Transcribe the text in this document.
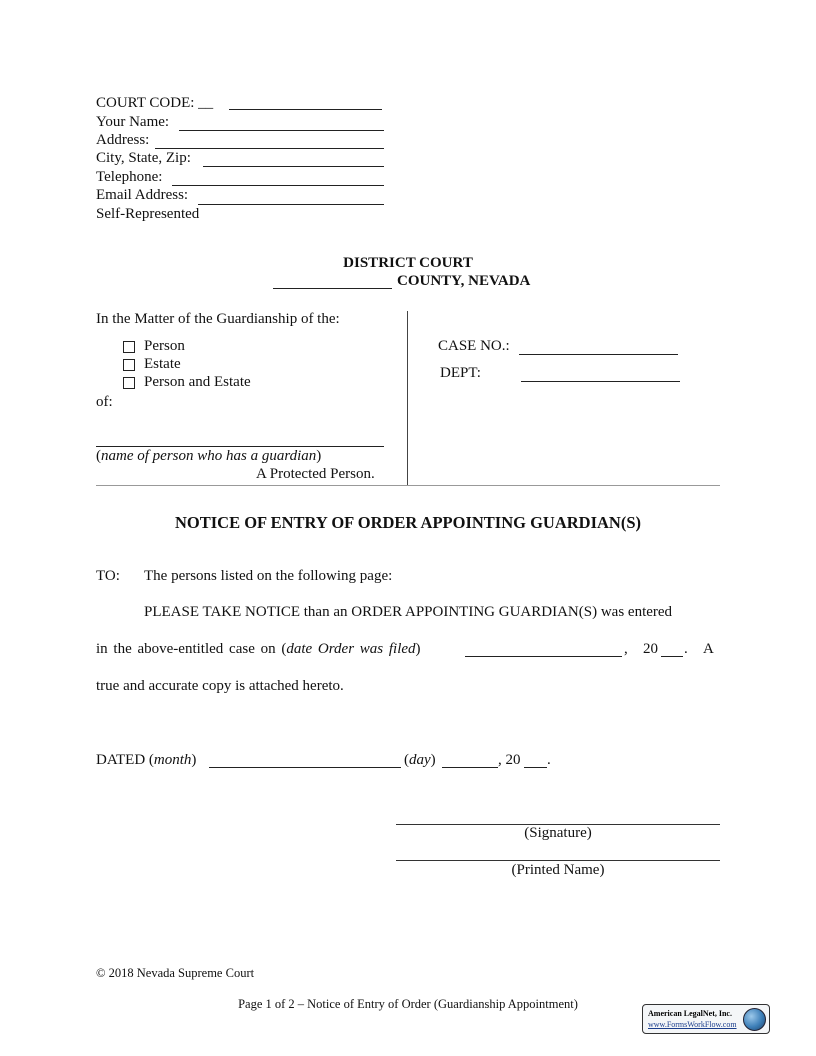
COURT CODE: __
Your Name:
Address:
City, State, Zip:
Telephone:
Email Address:
Self-Represented
DISTRICT COURT
COUNTY, NEVADA
In the Matter of the Guardianship of the:
Person
Estate
Person and Estate
of:
(name of person who has a guardian)
A Protected Person.
CASE NO.:
DEPT:
NOTICE OF ENTRY OF ORDER APPOINTING GUARDIAN(S)
TO: The persons listed on the following page:
PLEASE TAKE NOTICE than an ORDER APPOINTING GUARDIAN(S) was entered
in the above-entitled case on (date Order was filed)	, 20 . A
true and accurate copy is attached hereto.
DATED (month)	(day)	, 20 .
(Signature)
(Printed Name)
© 2018 Nevada Supreme Court
Page 1 of 2 – Notice of Entry of Order (Guardianship Appointment)
American LegalNet, Inc.
www.FormsWorkFlow.com
